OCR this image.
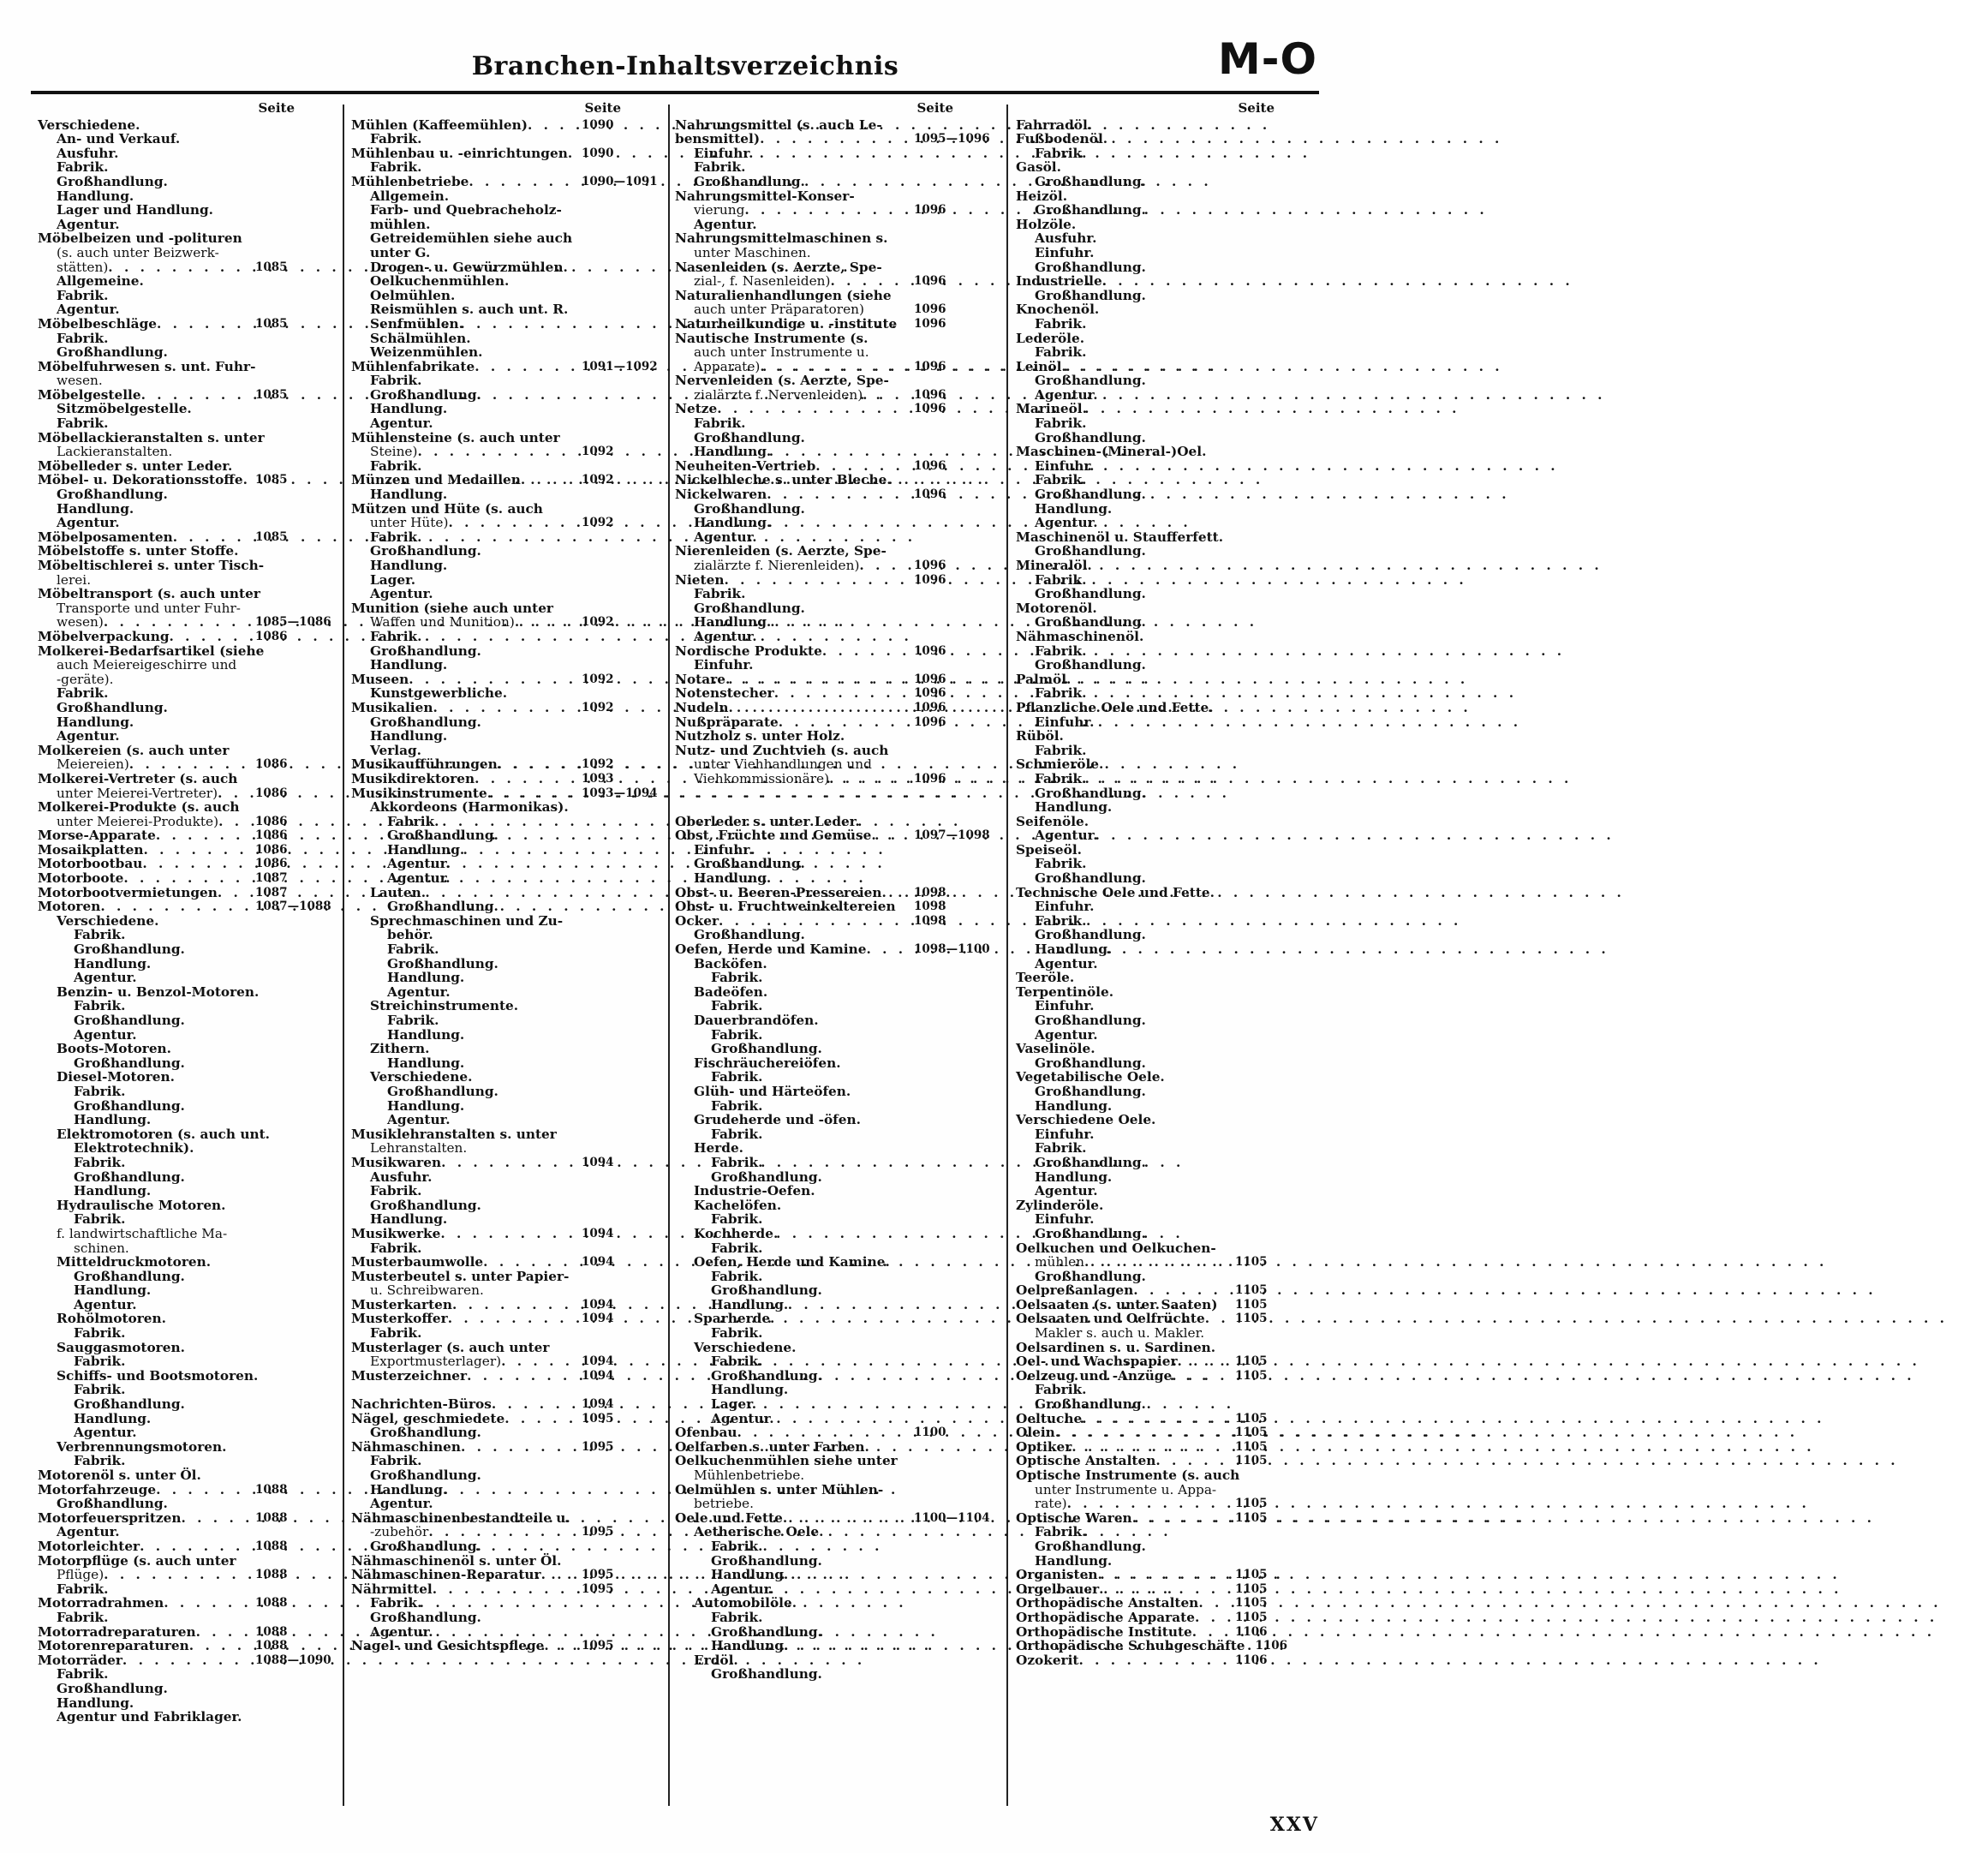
Branchen-Inhaltsverzeichnis	M-O
Seite
Verschiedene.
An- und Verkauf.
Ausfuhr.
Fabrik.
Großhandlung.
Handlung.
Lager und Handlung.
Agentur.
Möbelbeizen und -polituren
(s. auch unter Beizwerk-
stätten) . . .	1085
Allgemeine.
Fabrik.
Agentur.
Möbelbeschläge . . .	1085
Fabrik.
Großhandlung.
Möbelfuhrwesen s. unt. Fuhr-
wesen.
Möbelgestelle . . .	1085
Sitzmöbelgestelle.
Fabrik.
Möbellackieranstalten s. unter
Lackieranstalten.
Möbelleder s. unter Leder.
Möbel- u. Dekorationsstoffe . . .	1085
Großhandlung.
Handlung.
Agentur.
Möbelposamenten . . .	1085
Möbelstoffe s. unter Stoffe.
Möbeltischlerei s. unter Tisch-
lerei.
Möbeltransport (s. auch unter
Transporte und unter Fuhr-
wesen) . . .	1085—1086
Möbelverpackung . . .	1086
Molkerei-Bedarfsartikel (siehe
auch Meiereigeschirre und
-geräte).
Fabrik.
Großhandlung.
Handlung.
Agentur.
Molkereien (s. auch unter
Meiereien) . . .	1086
Molkerei-Vertreter (s. auch
unter Meierei-Vertreter) . . .	1086
Molkerei-Produkte (s. auch
unter Meierei-Produkte) . . .	1086
Morse-Apparate . . .	1086
Mosaikplatten . . .	1086
Motorbootbau . . .	1086
Motorboote . . .	1087
Motorbootvermietungen . . .	1087
Motoren . . .	1087—1088
Verschiedene.
Fabrik.
Großhandlung.
Handlung.
Agentur.
Benzin- u. Benzol-Motoren.
Fabrik.
Großhandlung.
Agentur.
Boots-Motoren.
Großhandlung.
Diesel-Motoren.
Fabrik.
Großhandlung.
Handlung.
Elektromotoren (s. auch unt.
Elektrotechnik).
Fabrik.
Großhandlung.
Handlung.
Hydraulische Motoren.
Fabrik.
f. landwirtschaftliche Ma-
schinen.
Mitteldruckmotoren.
Großhandlung.
Handlung.
Agentur.
Rohölmotoren.
Fabrik.
Sauggasmotoren.
Fabrik.
Schiffs- und Bootsmotoren.
Fabrik.
Großhandlung.
Handlung.
Agentur.
Verbrennungsmotoren.
Fabrik.
Motorenöl s. unter Öl.
Motorfahrzeuge . . .	1088
Großhandlung.
Motorfeuerspritzen . . .	1088
Agentur.
Motorleichter . . .	1088
Motorpflüge (s. auch unter
Pflüge) . . .	1088
Fabrik.
Motorradrahmen . . .	1088
Fabrik.
Motorradreparaturen . . .	1088
Motorenreparaturen . . .	1088
Motorräder . . .	1088—1090
Fabrik.
Großhandlung.
Handlung.
Agentur und Fabriklager.
Seite
Mühlen (Kaffeemühlen) . . .	1090
Fabrik.
Mühlenbau u. -einrichtungen . . .	1090
Fabrik.
Mühlenbetriebe . . .	1090—1091
Allgemein.
Farb- und Quebracheholz-
mühlen.
Getreidemühlen siehe auch
unter G.
Drogen- u. Gewürzmühlen.
Oelkuchenmühlen.
Oelmühlen.
Reismühlen s. auch unt. R.
Senfmühlen.
Schälmühlen.
Weizenmühlen.
Mühlenfabrikate . . .	1091—1092
Fabrik.
Großhandlung.
Handlung.
Agentur.
Mühlensteine (s. auch unter
Steine) . . .	1092
Fabrik.
Münzen und Medaillen . . .	1092
Handlung.
Mützen und Hüte (s. auch
unter Hüte) . . .	1092
Fabrik.
Großhandlung.
Handlung.
Lager.
Agentur.
Munition (siehe auch unter
Waffen und Munition) . . .	1092
Fabrik.
Großhandlung.
Handlung.
Museen . . .	1092
Kunstgewerbliche.
Musikalien . . .	1092
Großhandlung.
Handlung.
Verlag.
Musikaufführungen . . .	1092
Musikdirektoren . . .	1093
Musikinstrumente . . .	1093—1094
Akkordeons (Harmonikas).
Fabrik.
Großhandlung.
Handlung.
Agentur.
Agentur.
Lauten.
Großhandlung.
Sprechmaschinen und Zu-
behör.
Fabrik.
Großhandlung.
Handlung.
Agentur.
Streichinstrumente.
Fabrik.
Handlung.
Zithern.
Handlung.
Verschiedene.
Großhandlung.
Handlung.
Agentur.
Musiklehranstalten s. unter
Lehranstalten.
Musikwaren . . .	1094
Ausfuhr.
Fabrik.
Großhandlung.
Handlung.
Musikwerke . . .	1094
Fabrik.
Musterbaumwolle . . .	1094
Musterbeutel s. unter Papier-
u. Schreibwaren.
Musterkarten . . .	1094
Musterkoffer . . .	1094
Fabrik.
Musterlager (s. auch unter
Exportmusterlager) . . .	1094
Musterzeichner . . .	1094
Nachrichten-Büros . . .	1094
Nägel, geschmiedete . . .	1095
Großhandlung.
Nähmaschinen . . .	1095
Fabrik.
Großhandlung.
Handlung.
Agentur.
Nähmaschinenbestandteile u.
-zubehör . . .	1095
Großhandlung.
Nähmaschinenöl s. unter Öl.
Nähmaschinen-Reparatur . . .	1095
Nährmittel . . .	1095
Fabrik.
Großhandlung.
Agentur.
Nagel- und Gesichtspflege . . .	1095
Seite
Nahrungsmittel (s. auch Le-
bensmittel) . . .	1095—1096
Einfuhr.
Fabrik.
Großhandlung.
Nahrungsmittel-Konser-
vierung . . .	1096
Agentur.
Nahrungsmittelmaschinen s.
unter Maschinen.
Nasenleiden (s. Aerzte, Spe-
zial-, f. Nasenleiden) . . .	1096
Naturalienhandlungen (siehe
auch unter Präparatoren)	1096
Naturheilkundige u. -institute	1096
Nautische Instrumente (s.
auch unter Instrumente u.
Apparate) . . .	1096
Nervenleiden (s. Aerzte, Spe-
zialärzte f. Nervenleiden) . . .	1096
Netze . . .	1096
Fabrik.
Großhandlung.
Handlung.
Neuheiten-Vertrieb . . .	1096
Nickelbleche s. unter Bleche.
Nickelwaren . . .	1096
Großhandlung.
Handlung.
Agentur.
Nierenleiden (s. Aerzte, Spe-
zialärzte f. Nierenleiden) . . .	1096
Nieten . . .	1096
Fabrik.
Großhandlung.
Handlung.
Agentur.
Nordische Produkte . . .	1096
Einfuhr.
Notare . . .	1096
Notenstecher . . .	1096
Nudeln . . .	1096
Nußpräparate . . .	1096
Nutzholz s. unter Holz.
Nutz- und Zuchtvieh (s. auch
unter Viehhandlungen und
Viehkommissionäre) . . .	1096
Oberleder s. unter Leder.
Obst, Früchte und Gemüse . . .	1097—1098
Einfuhr.
Großhandlung.
Handlung.
Obst- u. Beeren-Pressereien . . .	1098
Obst- u. Fruchtweinkeltereien	1098
Ocker . . .	1098
Großhandlung.
Oefen, Herde und Kamine . . .	1098—1100
Backöfen.
Fabrik.
Badeöfen.
Fabrik.
Dauerbrandöfen.
Fabrik.
Großhandlung.
Fischräuchereiöfen.
Fabrik.
Glüh- und Härteöfen.
Fabrik.
Grudeherde und -öfen.
Fabrik.
Herde.
Fabrik.
Großhandlung.
Industrie-Oefen.
Kachelöfen.
Fabrik.
Kochherde.
Fabrik.
Oefen, Herde und Kamine.
Fabrik.
Großhandlung.
Handlung.
Sparherde.
Fabrik.
Verschiedene.
Fabrik.
Großhandlung.
Handlung.
Lager.
Agentur.
Ofenbau . . .	1100
Oelfarben s. unter Farben.
Oelkuchenmühlen siehe unter
Mühlenbetriebe.
Oelmühlen s. unter Mühlen-
betriebe.
Oele und Fette . . .	1100—1104
Aetherische Oele.
Fabrik.
Großhandlung.
Handlung.
Agentur.
Automobilöle.
Fabrik.
Großhandlung.
Handlung.
Erdöl.
Großhandlung.
Seite
Fahrradöl.
Fußbodenöl.
Fabrik.
Gasöl.
Großhandlung.
Heizöl.
Großhandlung.
Holzöle.
Ausfuhr.
Einfuhr.
Großhandlung.
Industrielle.
Großhandlung.
Knochenöl.
Fabrik.
Lederöle.
Fabrik.
Leinöl.
Großhandlung.
Agentur.
Marineöl.
Fabrik.
Großhandlung.
Maschinen-(Mineral-)Oel.
Einfuhr.
Fabrik.
Großhandlung.
Handlung.
Agentur.
Maschinenöl u. Staufferfett.
Großhandlung.
Mineralöl.
Fabrik.
Großhandlung.
Motorenöl.
Großhandlung.
Nähmaschinenöl.
Fabrik.
Großhandlung.
Palmöl.
Fabrik.
Pflanzliche Oele und Fette.
Einfuhr.
Rüböl.
Fabrik.
Schmieröle.
Fabrik.
Großhandlung.
Handlung.
Seifenöle.
Agentur.
Speiseöl.
Fabrik.
Großhandlung.
Technische Oele und Fette.
Einfuhr.
Fabrik.
Großhandlung.
Handlung.
Agentur.
Teeröle.
Terpentinöle.
Einfuhr.
Großhandlung.
Agentur.
Vaselinöle.
Großhandlung.
Vegetabilische Oele.
Großhandlung.
Handlung.
Verschiedene Oele.
Einfuhr.
Fabrik.
Großhandlung.
Handlung.
Agentur.
Zylinderöle.
Einfuhr.
Großhandlung.
Oelkuchen und Oelkuchen-
mühlen . . .	1105
Großhandlung.
Oelpreßanlagen . . .	1105
Oelsaaten (s. unter Saaten)	1105
Oelsaaten und Oelfrüchte . . .	1105
Makler s. auch u. Makler.
Oelsardinen s. u. Sardinen.
Oel- und Wachspapier . . .	1105
Oelzeug und -Anzüge . . .	1105
Fabrik.
Großhandlung.
Oeltuche . . .	1105
Olein . . .	1105
Optiker . . .	1105
Optische Anstalten . . .	1105
Optische Instrumente (s. auch
unter Instrumente u. Appa-
rate) . . .	1105
Optische Waren . . .	1105
Fabrik.
Großhandlung.
Handlung.
Organisten . . .	1105
Orgelbauer . . .	1105
Orthopädische Anstalten . . .	1105
Orthopädische Apparate . . .	1105
Orthopädische Institute . . .	1106
Orthopädische Schuhgeschäfte 1106
Ozokerit . . .	1106
XXV
